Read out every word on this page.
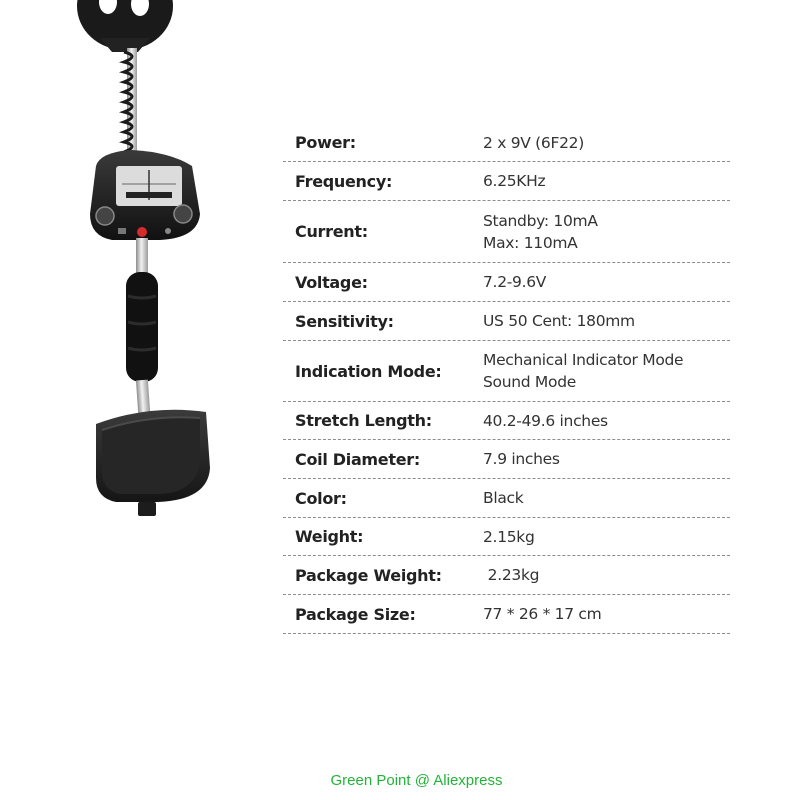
Power:	2 x 9V (6F22)
Frequency:	6.25KHz
Current:
Standby: 10mA
Max: 110mA
Voltage:	7.2-9.6V
Sensitivity:	US 50 Cent: 180mm
Indication Mode:
Mechanical Indicator Mode
Sound Mode
Stretch Length:	40.2-49.6 inches
Coil Diameter:	7.9 inches
Color:	Black
Weight:	2.15kg
Package Weight:	2.23kg
Package Size:	77 * 26 * 17 cm
Green Point @ Aliexpress
